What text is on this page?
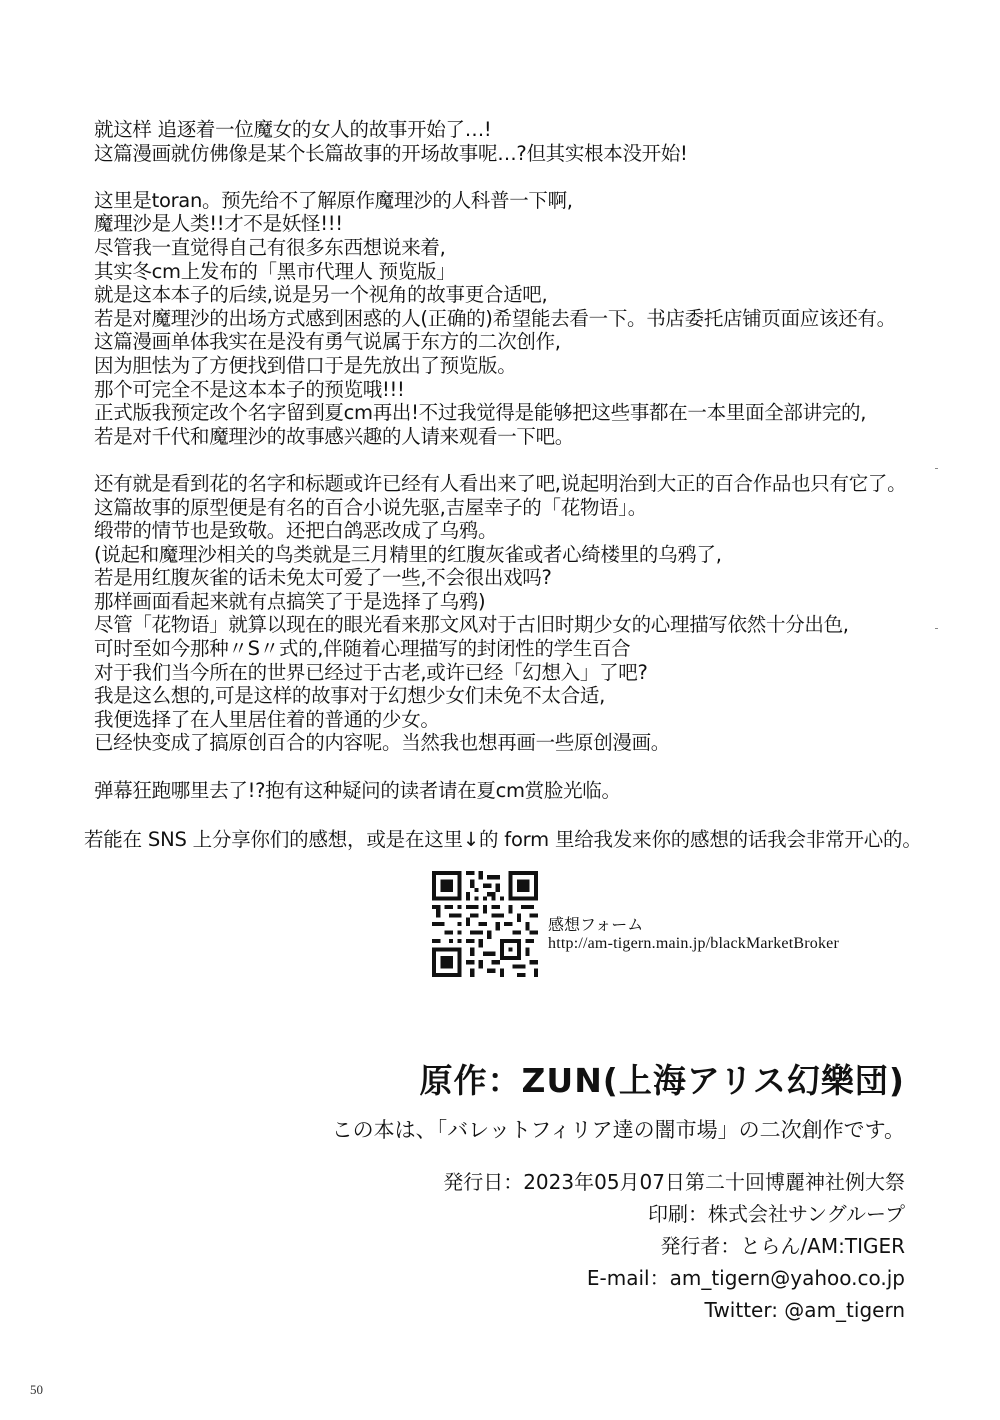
就这样 追逐着一位魔女的女人的故事开始了…!

这篇漫画就仿佛像是某个长篇故事的开场故事呢…?但其实根本没开始!

这里是toran。预先给不了解原作魔理沙的人科普一下啊,

魔理沙是人类!!才不是妖怪!!!

尽管我一直觉得自己有很多东西想说来着,

其实冬cm上发布的「黑市代理人 预览版」

就是这本本子的后续,说是另一个视角的故事更合适吧,

若是对魔理沙的出场方式感到困惑的人(正确的)希望能去看一下。书店委托店铺页面应该还有。

这篇漫画单体我实在是没有勇气说属于东方的二次创作,

因为胆怯为了方便找到借口于是先放出了预览版。

那个可完全不是这本本子的预览哦!!!

正式版我预定改个名字留到夏cm再出!不过我觉得是能够把这些事都在一本里面全部讲完的,

若是对千代和魔理沙的故事感兴趣的人请来观看一下吧。

还有就是看到花的名字和标题或许已经有人看出来了吧,说起明治到大正的百合作品也只有它了。

这篇故事的原型便是有名的百合小说先驱,吉屋幸子的「花物语」。

缎带的情节也是致敬。还把白鸽恶改成了乌鸦。

(说起和魔理沙相关的鸟类就是三月精里的红腹灰雀或者心绮楼里的乌鸦了,

若是用红腹灰雀的话未免太可爱了一些,不会很出戏吗?

那样画面看起来就有点搞笑了于是选择了乌鸦)

尽管「花物语」就算以现在的眼光看来那文风对于古旧时期少女的心理描写依然十分出色,

可时至如今那种〃S〃式的,伴随着心理描写的封闭性的学生百合

对于我们当今所在的世界已经过于古老,或许已经「幻想入」了吧?

我是这么想的,可是这样的故事对于幻想少女们未免不太合适,

我便选择了在人里居住着的普通的少女。

已经快变成了搞原创百合的内容呢。当然我也想再画一些原创漫画。

弹幕狂跑哪里去了!?抱有这种疑问的读者请在夏cm赏脸光临。

若能在 SNS 上分享你们的感想，或是在这里↓的 form 里给我发来你的感想的话我会非常开心的。
感想フォーム
http://am-tigern.main.jp/blackMarketBroker
原作：ZUN(上海アリス幻樂団)
この本は、「バレットフィリア達の闇市場」の二次創作です。
発行日：2023年05月07日第二十回博麗神社例大祭
印刷：株式会社サングループ
発行者：とらん/AM:TIGER
E-mail：am_tigern@yahoo.co.jp
Twitter: @am_tigern
50
